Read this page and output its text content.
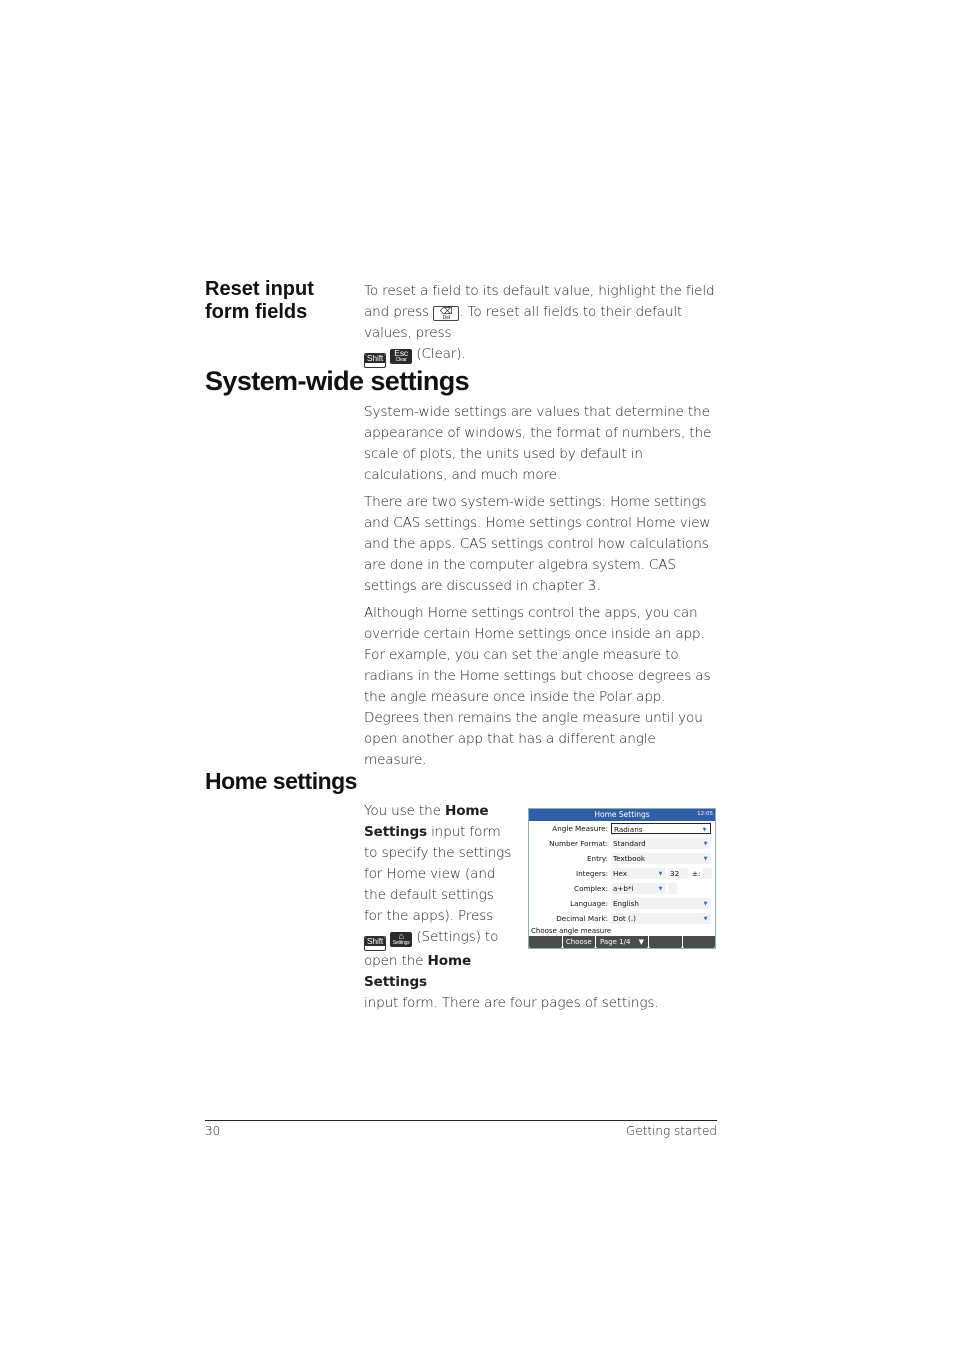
Reset input form fields
To reset a field to its default value, highlight the field and press	⌫
Del . To reset all fields to their default values, press

Shift
	Esc
Clear (Clear).
System-wide settings

System-wide settings are values that determine the appearance of windows, the format of numbers, the scale of plots, the units used by default in calculations, and much more.

There are two system-wide settings: Home settings and CAS settings. Home settings control Home view and the apps. CAS settings control how calculations are done in the computer algebra system. CAS settings are discussed in chapter 3.

Although Home settings control the apps, you can override certain Home settings once inside an app. For example, you can set the angle measure to radians in the Home settings but choose degrees as the angle measure once inside the Polar app. Degrees then remains the angle measure until you open another app that has a different angle measure.

Home settings
You use the Home Settings input form to specify the settings for Home view (and the default settings for the apps). Press
Shift
	⌂
Settings (Settings) to open the Home Settings input form. There are four pages of settings.
Home Settings	12:05
Angle Measure: Radians	▼
Number Format: Standard	▼
Entry: Textbook	▼
Integers: Hex	▼ 32	±:
Complex: a+b*i	▼
Language: English	▼
Decimal Mark: Dot (.)	▼
Choose angle measure
Choose	Page 1/4 ▼
30	Getting started
